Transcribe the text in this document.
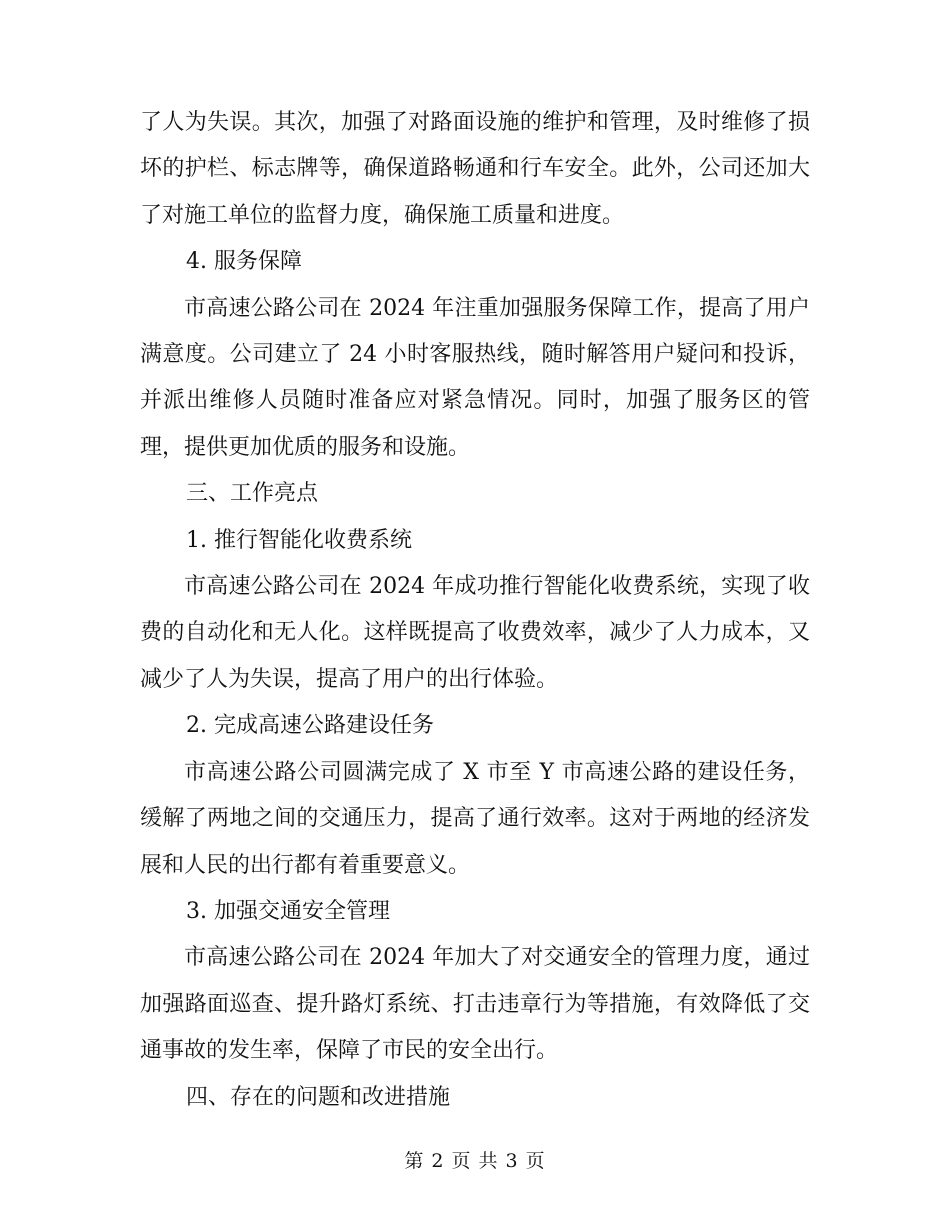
了人为失误。其次，加强了对路面设施的维护和管理，及时维修了损坏的护栏、标志牌等，确保道路畅通和行车安全。此外，公司还加大了对施工单位的监督力度，确保施工质量和进度。

4. 服务保障

市高速公路公司在 2024 年注重加强服务保障工作，提高了用户满意度。公司建立了 24 小时客服热线，随时解答用户疑问和投诉，并派出维修人员随时准备应对紧急情况。同时，加强了服务区的管理，提供更加优质的服务和设施。

三、工作亮点

1. 推行智能化收费系统

市高速公路公司在 2024 年成功推行智能化收费系统，实现了收费的自动化和无人化。这样既提高了收费效率，减少了人力成本，又减少了人为失误，提高了用户的出行体验。

2. 完成高速公路建设任务

市高速公路公司圆满完成了 X 市至 Y 市高速公路的建设任务，缓解了两地之间的交通压力，提高了通行效率。这对于两地的经济发展和人民的出行都有着重要意义。

3. 加强交通安全管理

市高速公路公司在 2024 年加大了对交通安全的管理力度，通过加强路面巡查、提升路灯系统、打击违章行为等措施，有效降低了交通事故的发生率，保障了市民的安全出行。

四、存在的问题和改进措施

第 2 页 共 3 页
